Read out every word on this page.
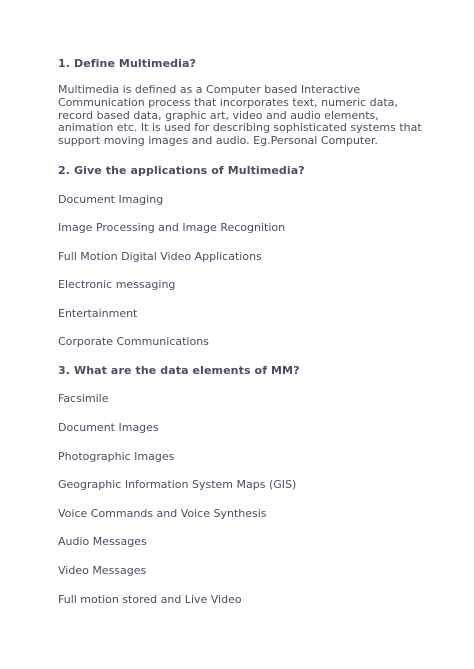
1. Define Multimedia?
Multimedia is defined as a Computer based Interactive
Communication process that incorporates text, numeric data,
record based data, graphic art, video and audio elements,
animation etc. It is used for describing sophisticated systems that
support moving images and audio. Eg.Personal Computer.
2. Give the applications of Multimedia?
Document Imaging
Image Processing and Image Recognition
Full Motion Digital Video Applications
Electronic messaging
Entertainment
Corporate Communications
3. What are the data elements of MM?
Facsimile
Document Images
Photographic Images
Geographic Information System Maps (GIS)
Voice Commands and Voice Synthesis
Audio Messages
Video Messages
Full motion stored and Live Video
